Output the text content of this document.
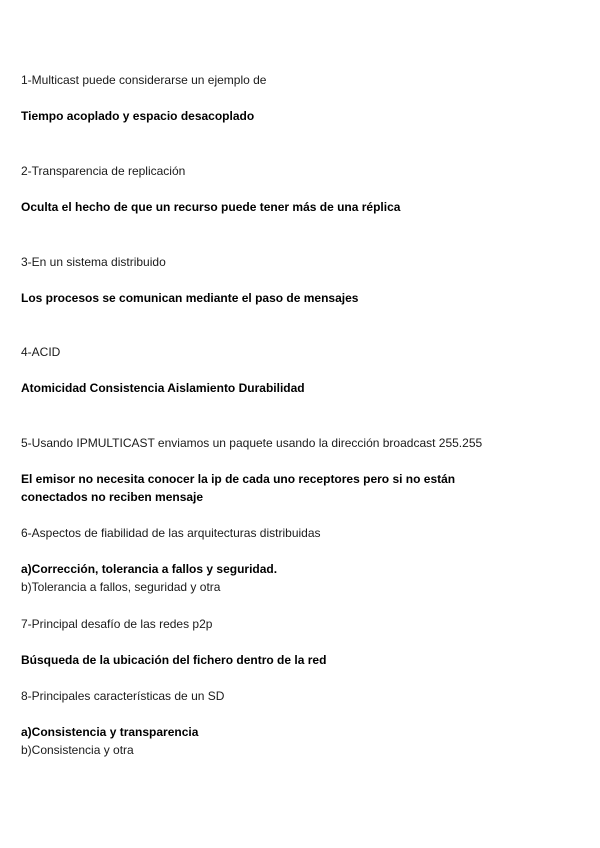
1-Multicast puede considerarse un ejemplo de
Tiempo acoplado y espacio desacoplado
2-Transparencia de replicación
Oculta el hecho de que un recurso puede tener más de una réplica
3-En un sistema distribuido
Los procesos se comunican mediante el paso de mensajes
4-ACID
Atomicidad Consistencia Aislamiento Durabilidad
5-Usando IPMULTICAST enviamos un paquete usando la dirección broadcast 255.255
El emisor no necesita conocer la ip de cada uno receptores pero si no están
conectados no reciben mensaje
6-Aspectos de fiabilidad de las arquitecturas distribuidas
a)Corrección, tolerancia a fallos y seguridad.
b)Tolerancia a fallos, seguridad y otra
7-Principal desafío de las redes p2p
Búsqueda de la ubicación del fichero dentro de la red
8-Principales características de un SD
a)Consistencia y transparencia
b)Consistencia y otra
